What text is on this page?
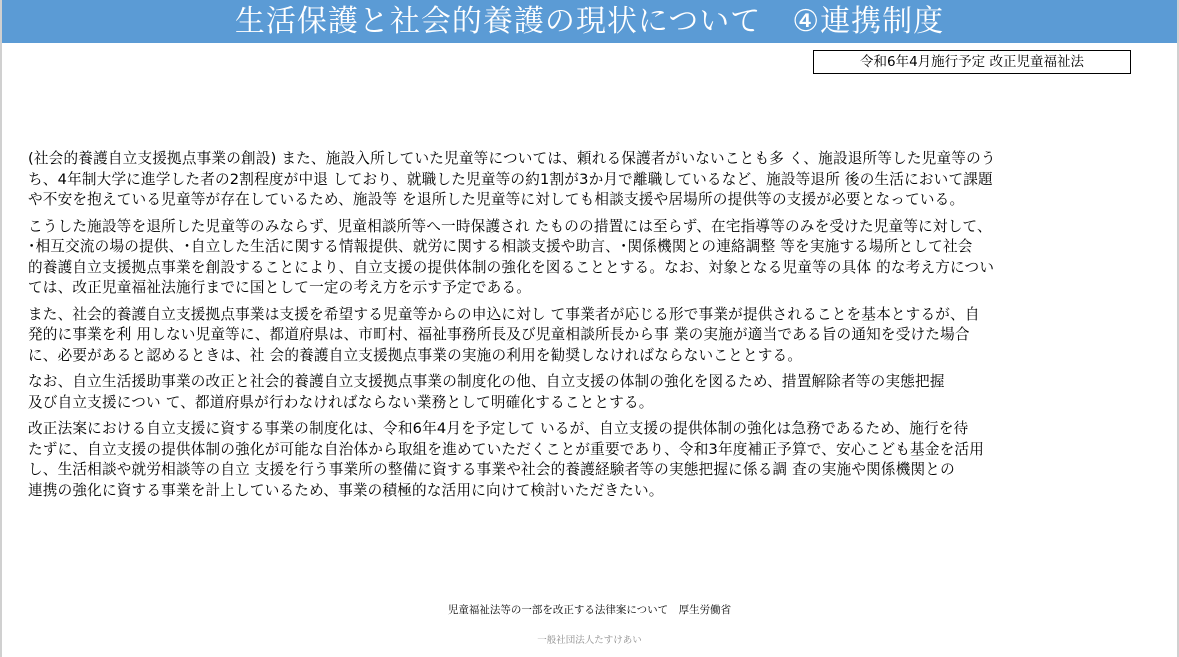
生活保護と社会的養護の現状について　④連携制度
令和6年4月施行予定 改正児童福祉法

(社会的養護自立支援拠点事業の創設) また、施設入所していた児童等については、頼れる保護者がいないことも多 く、施設退所等した児童等のう
ち、4年制大学に進学した者の2割程度が中退 しており、就職した児童等の約1割が3か月で離職しているなど、施設等退所 後の生活において課題
や不安を抱えている児童等が存在しているため、施設等 を退所した児童等に対しても相談支援や居場所の提供等の支援が必要となっている。

こうした施設等を退所した児童等のみならず、児童相談所等へ一時保護され たものの措置には至らず、在宅指導等のみを受けた児童等に対して、
･相互交流の場の提供、･自立した生活に関する情報提供、就労に関する相談支援や助言、･関係機関との連絡調整 等を実施する場所として社会
的養護自立支援拠点事業を創設することにより、自立支援の提供体制の強化を図ることとする。なお、対象となる児童等の具体 的な考え方につい
ては、改正児童福祉法施行までに国として一定の考え方を示す予定である。

また、社会的養護自立支援拠点事業は支援を希望する児童等からの申込に対し て事業者が応じる形で事業が提供されることを基本とするが、自
発的に事業を利 用しない児童等に、都道府県は、市町村、福祉事務所長及び児童相談所長から事 業の実施が適当である旨の通知を受けた場合
に、必要があると認めるときは、社 会的養護自立支援拠点事業の実施の利用を勧奨しなければならないこととする。

なお、自立生活援助事業の改正と社会的養護自立支援拠点事業の制度化の他、自立支援の体制の強化を図るため、措置解除者等の実態把握
及び自立支援につい て、都道府県が行わなければならない業務として明確化することとする。

改正法案における自立支援に資する事業の制度化は、令和6年4月を予定して いるが、自立支援の提供体制の強化は急務であるため、施行を待
たずに、自立支援の提供体制の強化が可能な自治体から取組を進めていただくことが重要であり、令和3年度補正予算で、安心こども基金を活用
し、生活相談や就労相談等の自立 支援を行う事業所の整備に資する事業や社会的養護経験者等の実態把握に係る調 査の実施や関係機関との
連携の強化に資する事業を計上しているため、事業の積極的な活用に向けて検討いただきたい。

児童福祉法等の一部を改正する法律案について　厚生労働省
一般社団法人たすけあい
